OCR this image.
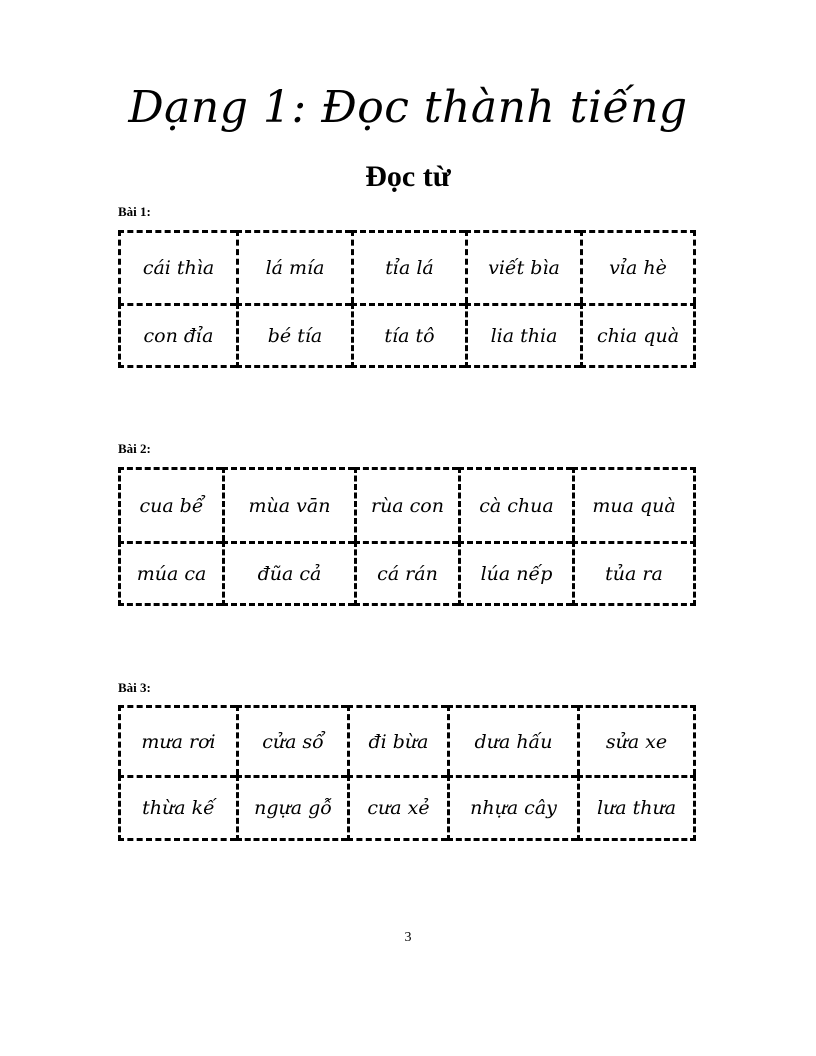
Dạng 1: Đọc thành tiếng
Đọc từ
Bài 1:
cái thìa	lá mía	tỉa lá	viết bìa	vỉa hè
con đỉa	bé tía	tía tô	lia thia	chia quà
Bài 2:
cua bể	mùa vān	rùa con	cà chua	mua quà
múa ca	đũa cả	cá rán	lúa nếp	tủa ra
Bài 3:
mưa rơi	cửa sổ	đi bừa	dưa hấu	sửa xe
thừa kế	ngựa gỗ	cưa xẻ	nhựa cây	lưa thưa
3
